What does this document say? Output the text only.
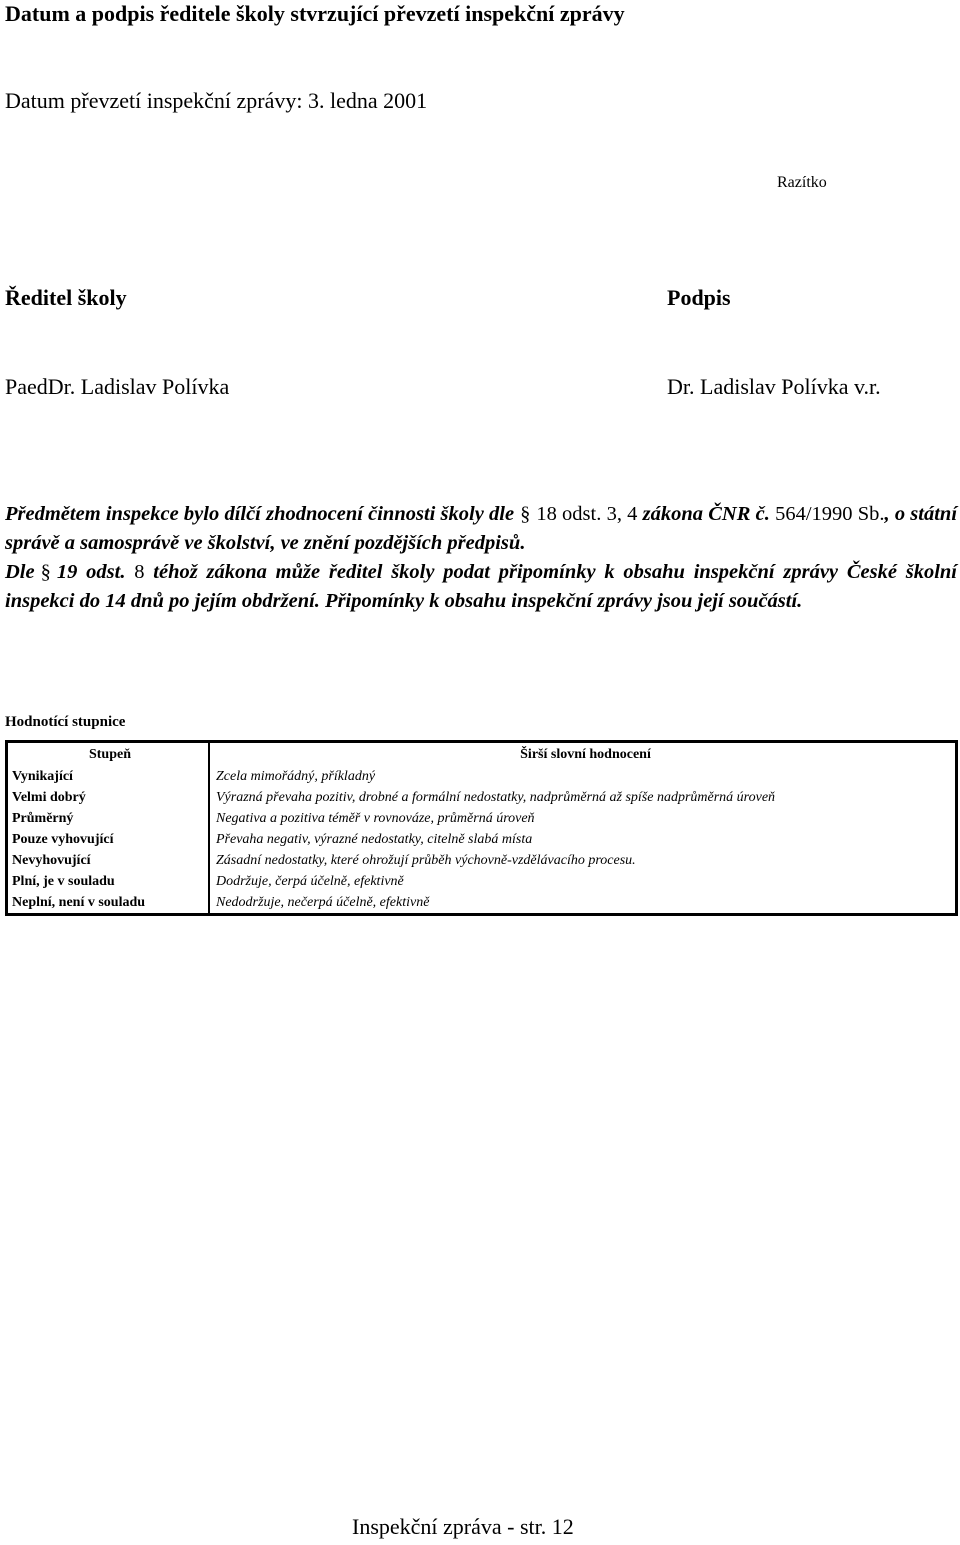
Datum a podpis ředitele školy stvrzující převzetí inspekční zprávy
Datum převzetí inspekční zprávy: 3. ledna 2001
Razítko
Ředitel školy	Podpis
PaedDr. Ladislav Polívka	Dr. Ladislav Polívka v.r.

Předmětem inspekce bylo dílčí zhodnocení činnosti školy dle § 18 odst. 3, 4 zákona ČNR č. 564/1990 Sb., o státní správě a samosprávě ve školství, ve znění pozdějších předpisů.

Dle § 19 odst. 8 téhož zákona může ředitel školy podat připomínky k obsahu inspekční zprávy České školní inspekci do 14 dnů po jejím obdržení. Připomínky k obsahu inspekční zprávy jsou její součástí.

Hodnotící stupnice
Stupeň	Širší slovní hodnocení
Vynikající	Zcela mimořádný, příkladný
Velmi dobrý	Výrazná převaha pozitiv, drobné a formální nedostatky, nadprůměrná až spíše nadprůměrná úroveň
Průměrný	Negativa a pozitiva téměř v rovnováze, průměrná úroveň
Pouze vyhovující	Převaha negativ, výrazné nedostatky, citelně slabá místa
Nevyhovující	Zásadní nedostatky, které ohrožují průběh výchovně-vzdělávacího procesu.
Plní, je v souladu	Dodržuje, čerpá účelně, efektivně
Neplní, není v souladu	Nedodržuje, nečerpá účelně, efektivně
Inspekční zpráva - str. 12
